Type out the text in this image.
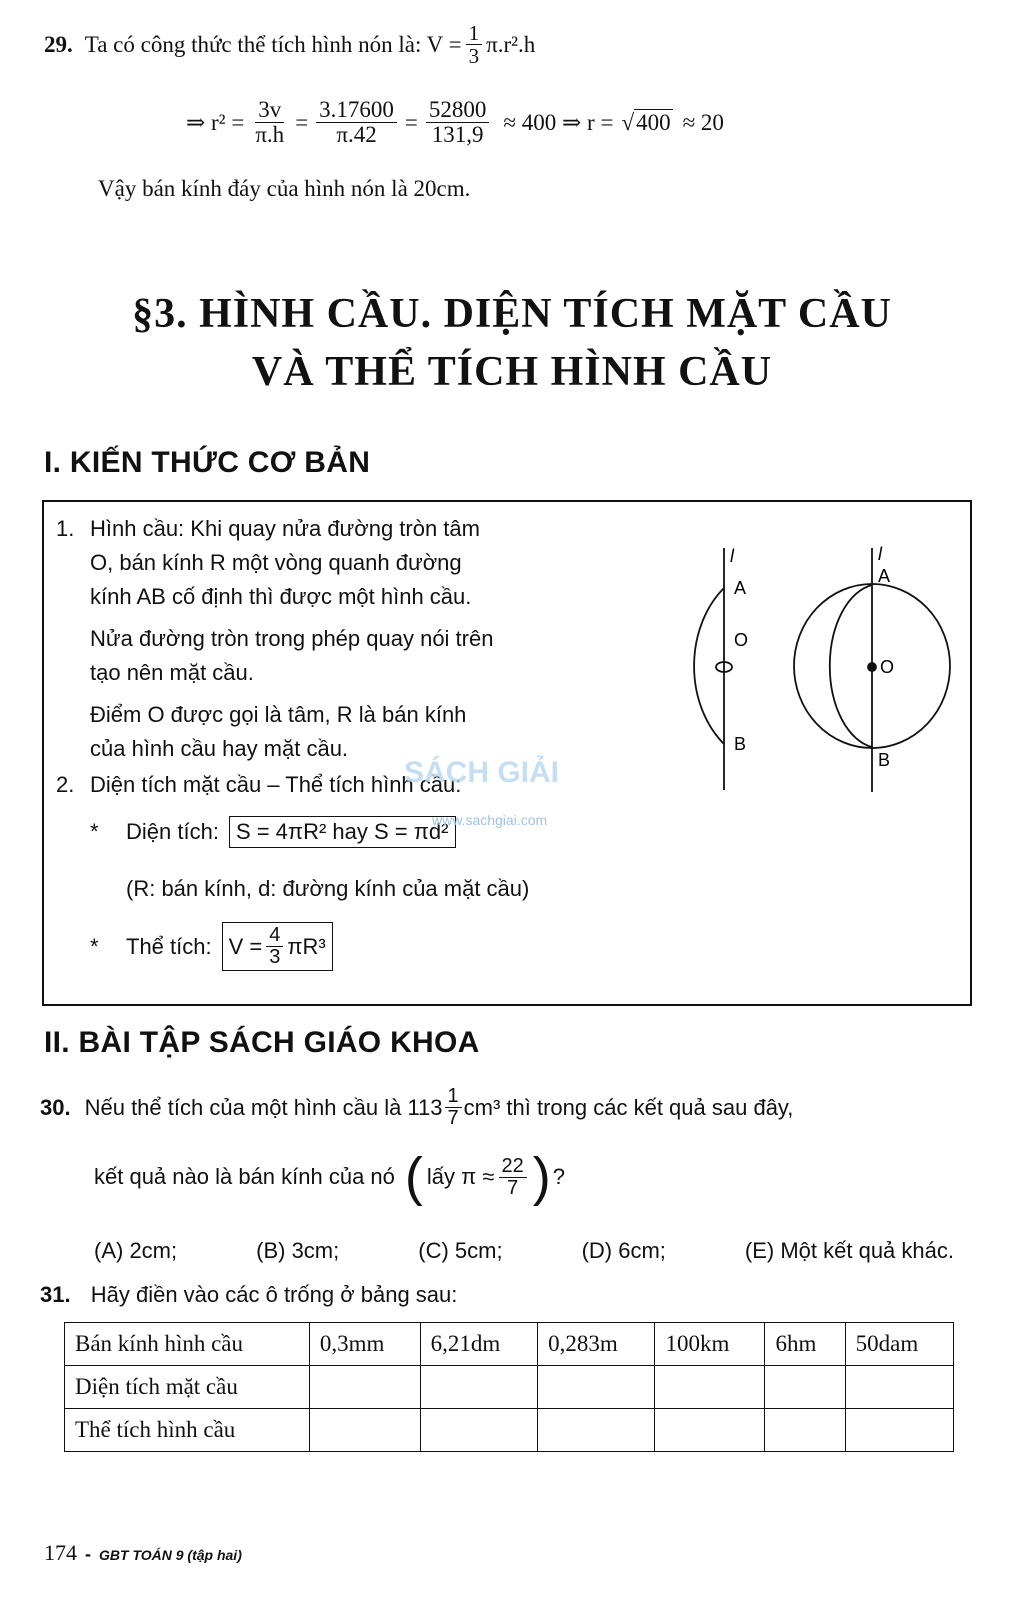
29. Ta có công thức thể tích hình nón là: $V = \frac{1}{3} \pi.r^2.h$
⇒ $r^2 = \frac{3v}{\pi.h} = \frac{3.17600}{\pi.42} = \frac{52800}{131,9} \approx 400$ ⇒ r = √ 400 ≈ 20
Vậy bán kính đáy của hình nón là 20cm.
§3. HÌNH CẦU. DIỆN TÍCH MẶT CẦU
VÀ THỂ TÍCH HÌNH CẦU
I. KIẾN THỨC CƠ BẢN
1. Hình cầu: Khi quay nửa đường tròn tâm
O, bán kính R một vòng quanh đường
kính AB cố định thì được một hình cầu.
Nửa đường tròn trong phép quay nói trên
tạo nên mặt cầu.
Điểm O được gọi là tâm, R là bán kính
của hình cầu hay mặt cầu.
2. Diện tích mặt cầu – Thể tích hình cầu:
*	Diện tích: S = 4πR² hay S = πd²
(R: bán kính, d: đường kính của mặt cầu)
*	Thể tích: $V = \frac{4}{3} \pi R^3$
l
A
O
B
l
A
O
B
SÁCH GIẢI
www.sachgiai.com
II. BÀI TẬP SÁCH GIÁO KHOA
30. Nếu thể tích của một hình cầu là $113 \frac{1}{7} cm^3$ thì trong các kết quả sau đây,
kết quả nào là bán kính của nó ( lấy $\pi \approx \frac{22}{7}$ ) ?
(A) 2cm;	(B) 3cm;	(C) 5cm;	(D) 6cm;	(E) Một kết quả khác.
31. Hãy điền vào các ô trống ở bảng sau:
Bán kính hình cầu	0,3mm	6,21dm	0,283m	100km	6hm	50dam
Diện tích mặt cầu						
Thể tích hình cầu						
174 - GBT TOÁN 9 (tập hai)
